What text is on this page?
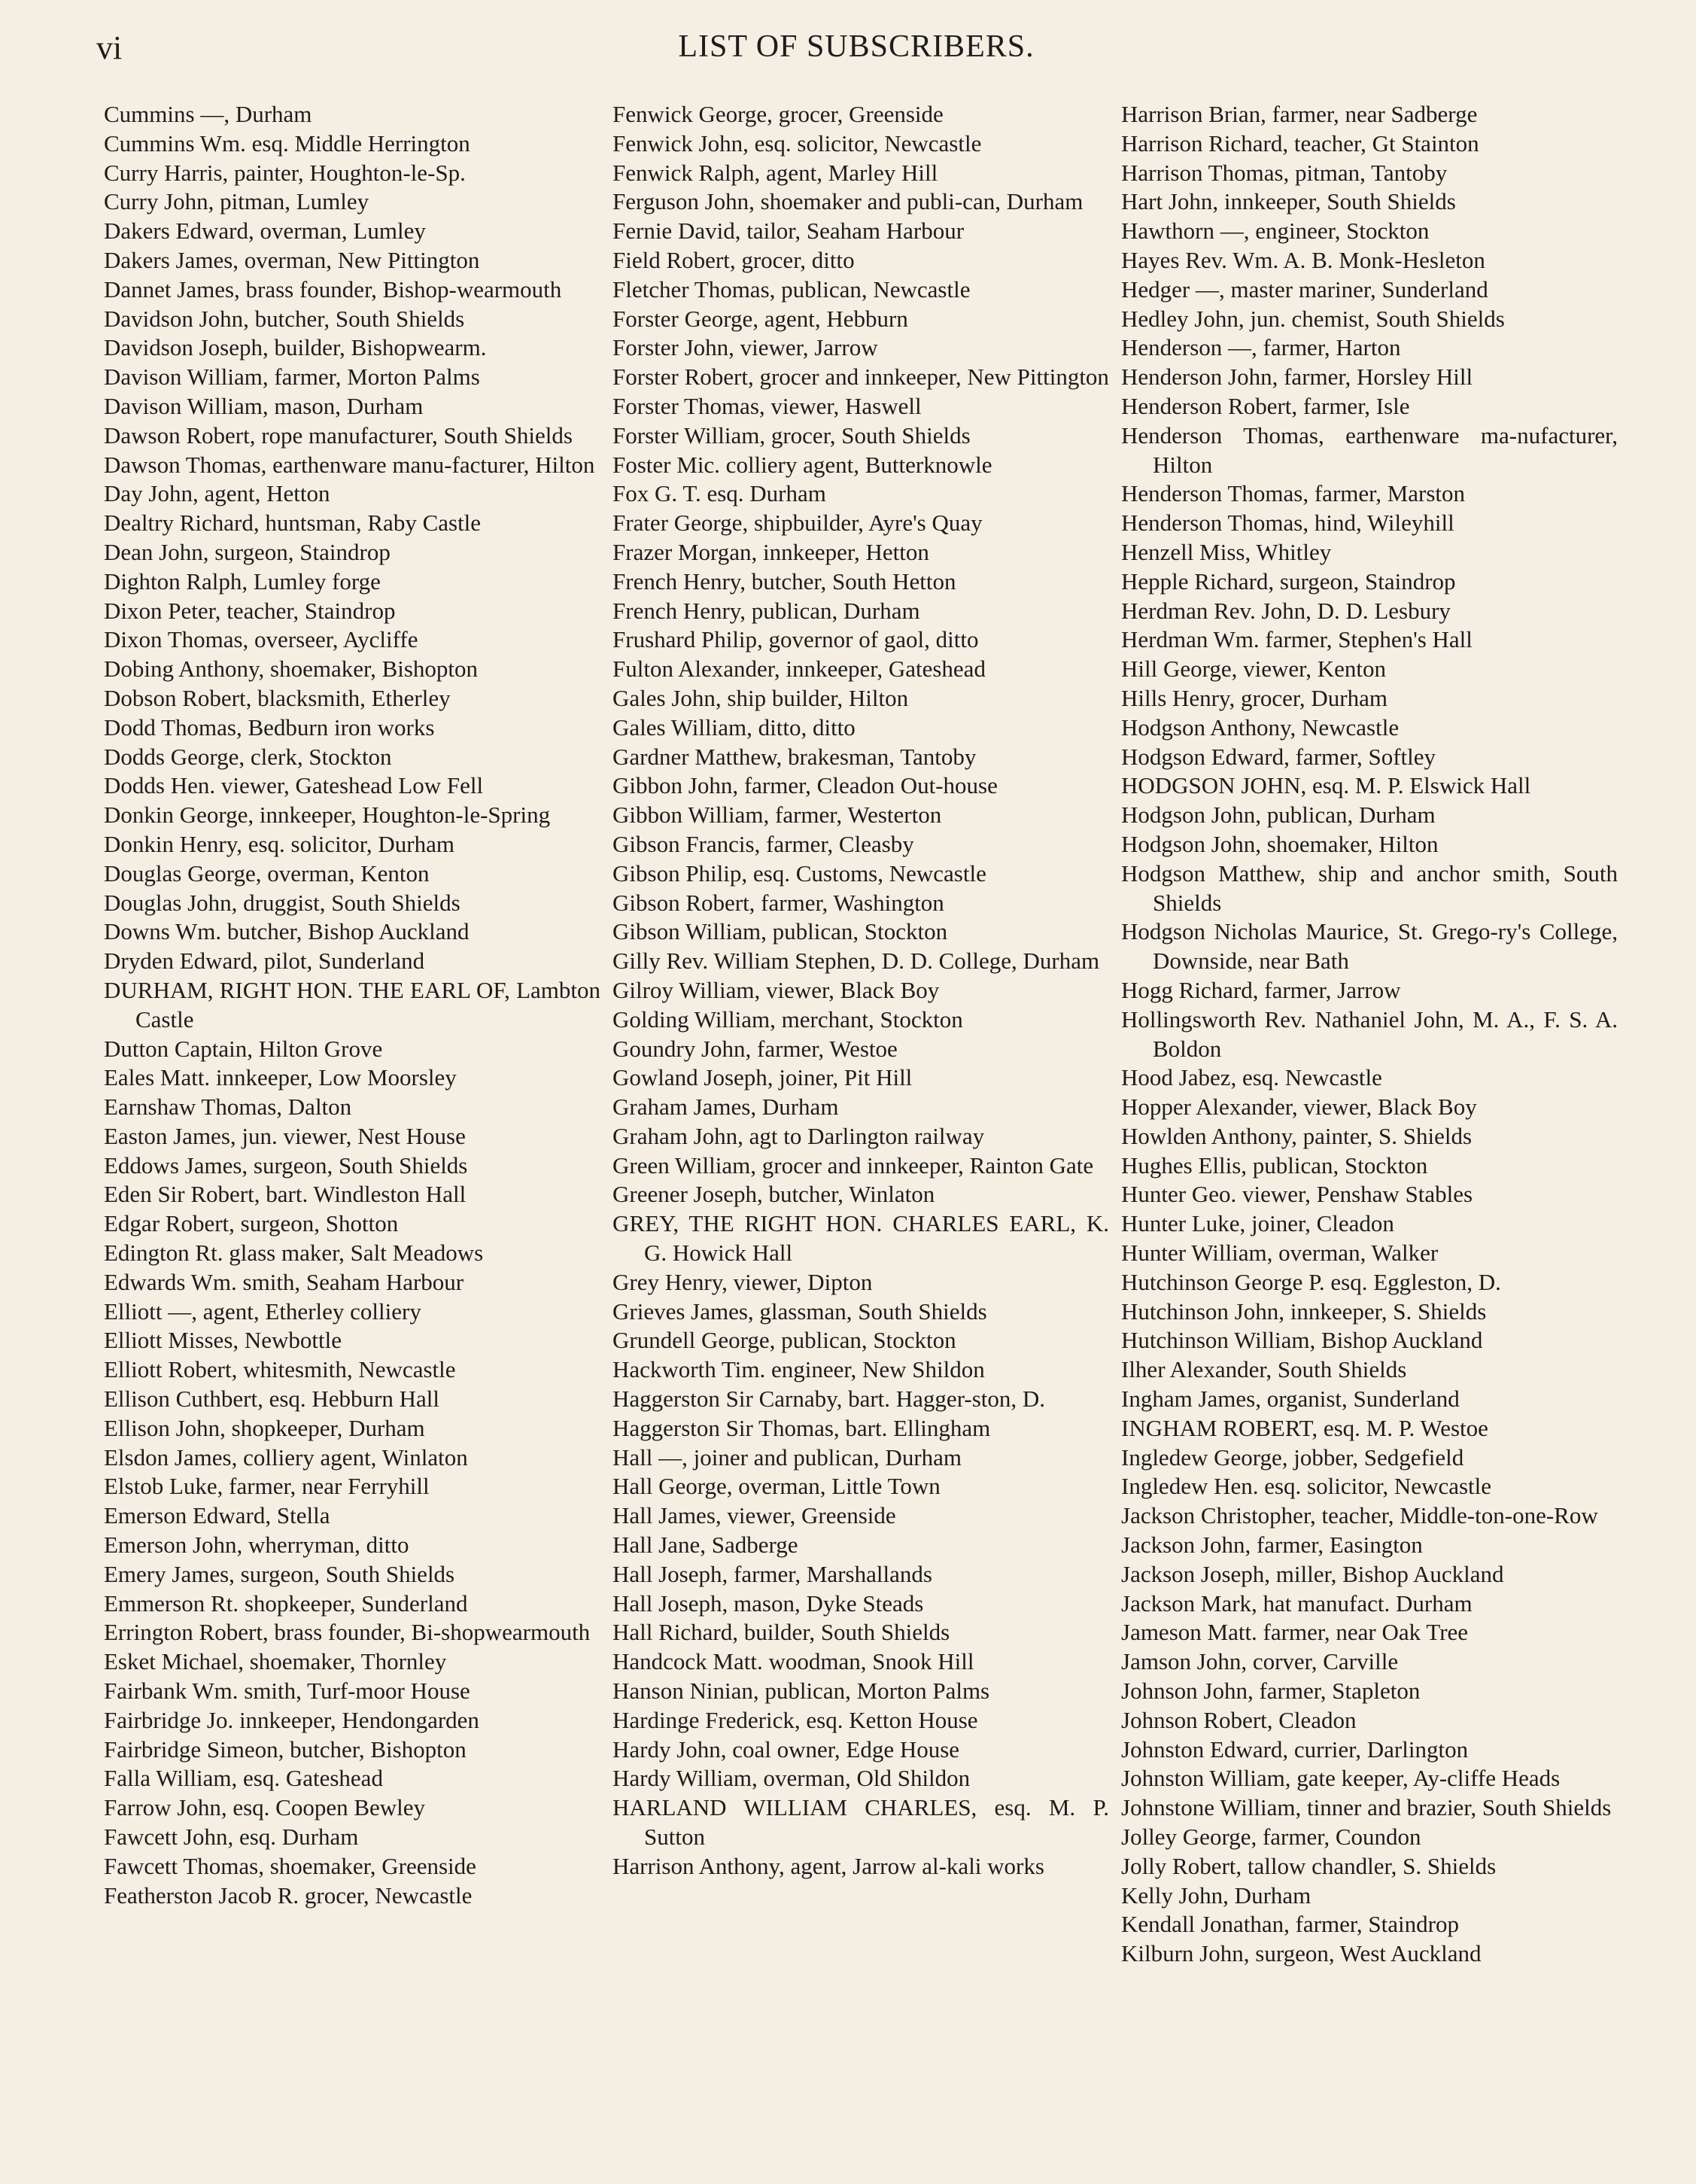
vi	LIST OF SUBSCRIBERS.
Cummins —, Durham
Cummins Wm. esq. Middle Herrington
Curry Harris, painter, Houghton-le-Sp.
Curry John, pitman, Lumley
Dakers Edward, overman, Lumley
Dakers James, overman, New Pittington
Dannet James, brass founder, Bishop-wearmouth
Davidson John, butcher, South Shields
Davidson Joseph, builder, Bishopwearm.
Davison William, farmer, Morton Palms
Davison William, mason, Durham
Dawson Robert, rope manufacturer, South Shields
Dawson Thomas, earthenware manu-facturer, Hilton
Day John, agent, Hetton
Dealtry Richard, huntsman, Raby Castle
Dean John, surgeon, Staindrop
Dighton Ralph, Lumley forge
Dixon Peter, teacher, Staindrop
Dixon Thomas, overseer, Aycliffe
Dobing Anthony, shoemaker, Bishopton
Dobson Robert, blacksmith, Etherley
Dodd Thomas, Bedburn iron works
Dodds George, clerk, Stockton
Dodds Hen. viewer, Gateshead Low Fell
Donkin George, innkeeper, Houghton-le-Spring
Donkin Henry, esq. solicitor, Durham
Douglas George, overman, Kenton
Douglas John, druggist, South Shields
Downs Wm. butcher, Bishop Auckland
Dryden Edward, pilot, Sunderland
DURHAM, RIGHT HON. THE EARL OF, Lambton Castle
Dutton Captain, Hilton Grove
Eales Matt. innkeeper, Low Moorsley
Earnshaw Thomas, Dalton
Easton James, jun. viewer, Nest House
Eddows James, surgeon, South Shields
Eden Sir Robert, bart. Windleston Hall
Edgar Robert, surgeon, Shotton
Edington Rt. glass maker, Salt Meadows
Edwards Wm. smith, Seaham Harbour
Elliott —, agent, Etherley colliery
Elliott Misses, Newbottle
Elliott Robert, whitesmith, Newcastle
Ellison Cuthbert, esq. Hebburn Hall
Ellison John, shopkeeper, Durham
Elsdon James, colliery agent, Winlaton
Elstob Luke, farmer, near Ferryhill
Emerson Edward, Stella
Emerson John, wherryman, ditto
Emery James, surgeon, South Shields
Emmerson Rt. shopkeeper, Sunderland
Errington Robert, brass founder, Bi-shopwearmouth
Esket Michael, shoemaker, Thornley
Fairbank Wm. smith, Turf-moor House
Fairbridge Jo. innkeeper, Hendongarden
Fairbridge Simeon, butcher, Bishopton
Falla William, esq. Gateshead
Farrow John, esq. Coopen Bewley
Fawcett John, esq. Durham
Fawcett Thomas, shoemaker, Greenside
Featherston Jacob R. grocer, Newcastle
Fenwick George, grocer, Greenside
Fenwick John, esq. solicitor, Newcastle
Fenwick Ralph, agent, Marley Hill
Ferguson John, shoemaker and publi-can, Durham
Fernie David, tailor, Seaham Harbour
Field Robert, grocer, ditto
Fletcher Thomas, publican, Newcastle
Forster George, agent, Hebburn
Forster John, viewer, Jarrow
Forster Robert, grocer and innkeeper, New Pittington
Forster Thomas, viewer, Haswell
Forster William, grocer, South Shields
Foster Mic. colliery agent, Butterknowle
Fox G. T. esq. Durham
Frater George, shipbuilder, Ayre's Quay
Frazer Morgan, innkeeper, Hetton
French Henry, butcher, South Hetton
French Henry, publican, Durham
Frushard Philip, governor of gaol, ditto
Fulton Alexander, innkeeper, Gateshead
Gales John, ship builder, Hilton
Gales William, ditto, ditto
Gardner Matthew, brakesman, Tantoby
Gibbon John, farmer, Cleadon Out-house
Gibbon William, farmer, Westerton
Gibson Francis, farmer, Cleasby
Gibson Philip, esq. Customs, Newcastle
Gibson Robert, farmer, Washington
Gibson William, publican, Stockton
Gilly Rev. William Stephen, D. D. College, Durham
Gilroy William, viewer, Black Boy
Golding William, merchant, Stockton
Goundry John, farmer, Westoe
Gowland Joseph, joiner, Pit Hill
Graham James, Durham
Graham John, agt to Darlington railway
Green William, grocer and innkeeper, Rainton Gate
Greener Joseph, butcher, Winlaton
GREY, THE RIGHT HON. CHARLES EARL, K. G. Howick Hall
Grey Henry, viewer, Dipton
Grieves James, glassman, South Shields
Grundell George, publican, Stockton
Hackworth Tim. engineer, New Shildon
Haggerston Sir Carnaby, bart. Hagger-ston, D.
Haggerston Sir Thomas, bart. Ellingham
Hall —, joiner and publican, Durham
Hall George, overman, Little Town
Hall James, viewer, Greenside
Hall Jane, Sadberge
Hall Joseph, farmer, Marshallands
Hall Joseph, mason, Dyke Steads
Hall Richard, builder, South Shields
Handcock Matt. woodman, Snook Hill
Hanson Ninian, publican, Morton Palms
Hardinge Frederick, esq. Ketton House
Hardy John, coal owner, Edge House
Hardy William, overman, Old Shildon
HARLAND WILLIAM CHARLES, esq. M. P. Sutton
Harrison Anthony, agent, Jarrow al-kali works
Harrison Brian, farmer, near Sadberge
Harrison Richard, teacher, Gt Stainton
Harrison Thomas, pitman, Tantoby
Hart John, innkeeper, South Shields
Hawthorn —, engineer, Stockton
Hayes Rev. Wm. A. B. Monk-Hesleton
Hedger —, master mariner, Sunderland
Hedley John, jun. chemist, South Shields
Henderson —, farmer, Harton
Henderson John, farmer, Horsley Hill
Henderson Robert, farmer, Isle
Henderson Thomas, earthenware ma-nufacturer, Hilton
Henderson Thomas, farmer, Marston
Henderson Thomas, hind, Wileyhill
Henzell Miss, Whitley
Hepple Richard, surgeon, Staindrop
Herdman Rev. John, D. D. Lesbury
Herdman Wm. farmer, Stephen's Hall
Hill George, viewer, Kenton
Hills Henry, grocer, Durham
Hodgson Anthony, Newcastle
Hodgson Edward, farmer, Softley
HODGSON JOHN, esq. M. P. Elswick Hall
Hodgson John, publican, Durham
Hodgson John, shoemaker, Hilton
Hodgson Matthew, ship and anchor smith, South Shields
Hodgson Nicholas Maurice, St. Grego-ry's College, Downside, near Bath
Hogg Richard, farmer, Jarrow
Hollingsworth Rev. Nathaniel John, M. A., F. S. A. Boldon
Hood Jabez, esq. Newcastle
Hopper Alexander, viewer, Black Boy
Howlden Anthony, painter, S. Shields
Hughes Ellis, publican, Stockton
Hunter Geo. viewer, Penshaw Stables
Hunter Luke, joiner, Cleadon
Hunter William, overman, Walker
Hutchinson George P. esq. Eggleston, D.
Hutchinson John, innkeeper, S. Shields
Hutchinson William, Bishop Auckland
Ilher Alexander, South Shields
Ingham James, organist, Sunderland
INGHAM ROBERT, esq. M. P. Westoe
Ingledew George, jobber, Sedgefield
Ingledew Hen. esq. solicitor, Newcastle
Jackson Christopher, teacher, Middle-ton-one-Row
Jackson John, farmer, Easington
Jackson Joseph, miller, Bishop Auckland
Jackson Mark, hat manufact. Durham
Jameson Matt. farmer, near Oak Tree
Jamson John, corver, Carville
Johnson John, farmer, Stapleton
Johnson Robert, Cleadon
Johnston Edward, currier, Darlington
Johnston William, gate keeper, Ay-cliffe Heads
Johnstone William, tinner and brazier, South Shields
Jolley George, farmer, Coundon
Jolly Robert, tallow chandler, S. Shields
Kelly John, Durham
Kendall Jonathan, farmer, Staindrop
Kilburn John, surgeon, West Auckland
